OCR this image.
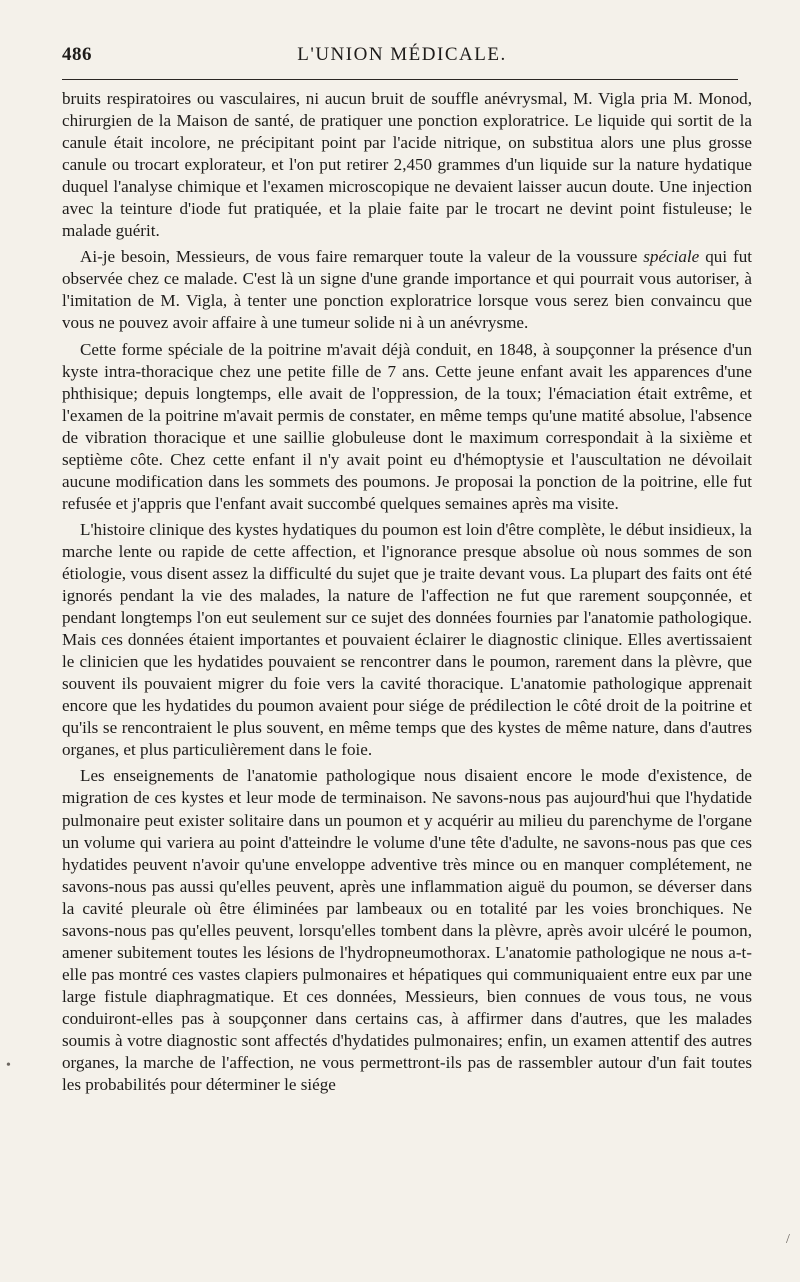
486	L'UNION MÉDICALE.

bruits respiratoires ou vasculaires, ni aucun bruit de souffle anévrysmal, M. Vigla pria M. Monod, chirurgien de la Maison de santé, de pratiquer une ponction exploratrice. Le liquide qui sortit de la canule était incolore, ne précipitant point par l'acide nitrique, on substitua alors une plus grosse canule ou trocart explorateur, et l'on put retirer 2,450 grammes d'un liquide sur la nature hydatique duquel l'analyse chimique et l'examen microscopique ne devaient laisser aucun doute. Une injection avec la teinture d'iode fut pratiquée, et la plaie faite par le trocart ne devint point fistuleuse; le malade guérit.

Ai-je besoin, Messieurs, de vous faire remarquer toute la valeur de la voussure spéciale qui fut observée chez ce malade. C'est là un signe d'une grande importance et qui pourrait vous autoriser, à l'imitation de M. Vigla, à tenter une ponction exploratrice lorsque vous serez bien convaincu que vous ne pouvez avoir affaire à une tumeur solide ni à un anévrysme.

Cette forme spéciale de la poitrine m'avait déjà conduit, en 1848, à soupçonner la présence d'un kyste intra-thoracique chez une petite fille de 7 ans. Cette jeune enfant avait les apparences d'une phthisique; depuis longtemps, elle avait de l'oppression, de la toux; l'émaciation était extrême, et l'examen de la poitrine m'avait permis de constater, en même temps qu'une matité absolue, l'absence de vibration thoracique et une saillie globuleuse dont le maximum correspondait à la sixième et septième côte. Chez cette enfant il n'y avait point eu d'hémoptysie et l'auscultation ne dévoilait aucune modification dans les sommets des poumons. Je proposai la ponction de la poitrine, elle fut refusée et j'appris que l'enfant avait succombé quelques semaines après ma visite.

L'histoire clinique des kystes hydatiques du poumon est loin d'être complète, le début insidieux, la marche lente ou rapide de cette affection, et l'ignorance presque absolue où nous sommes de son étiologie, vous disent assez la difficulté du sujet que je traite devant vous. La plupart des faits ont été ignorés pendant la vie des malades, la nature de l'affection ne fut que rarement soupçonnée, et pendant longtemps l'on eut seulement sur ce sujet des données fournies par l'anatomie pathologique. Mais ces données étaient importantes et pouvaient éclairer le diagnostic clinique. Elles avertissaient le clinicien que les hydatides pouvaient se rencontrer dans le poumon, rarement dans la plèvre, que souvent ils pouvaient migrer du foie vers la cavité thoracique. L'anatomie pathologique apprenait encore que les hydatides du poumon avaient pour siége de prédilection le côté droit de la poitrine et qu'ils se rencontraient le plus souvent, en même temps que des kystes de même nature, dans d'autres organes, et plus particulièrement dans le foie.

Les enseignements de l'anatomie pathologique nous disaient encore le mode d'existence, de migration de ces kystes et leur mode de terminaison. Ne savons-nous pas aujourd'hui que l'hydatide pulmonaire peut exister solitaire dans un poumon et y acquérir au milieu du parenchyme de l'organe un volume qui variera au point d'atteindre le volume d'une tête d'adulte, ne savons-nous pas que ces hydatides peuvent n'avoir qu'une enveloppe adventive très mince ou en manquer complétement, ne savons-nous pas aussi qu'elles peuvent, après une inflammation aiguë du poumon, se déverser dans la cavité pleurale où être éliminées par lambeaux ou en totalité par les voies bronchiques. Ne savons-nous pas qu'elles peuvent, lorsqu'elles tombent dans la plèvre, après avoir ulcéré le poumon, amener subitement toutes les lésions de l'hydropneumothorax. L'anatomie pathologique ne nous a-t-elle pas montré ces vastes clapiers pulmonaires et hépatiques qui communiquaient entre eux par une large fistule diaphragmatique. Et ces données, Messieurs, bien connues de vous tous, ne vous conduiront-elles pas à soupçonner dans certains cas, à affirmer dans d'autres, que les malades soumis à votre diagnostic sont affectés d'hydatides pulmonaires; enfin, un examen attentif des autres organes, la marche de l'affection, ne vous permettront-ils pas de rassembler autour d'un fait toutes les probabilités pour déterminer le siége

•
/
